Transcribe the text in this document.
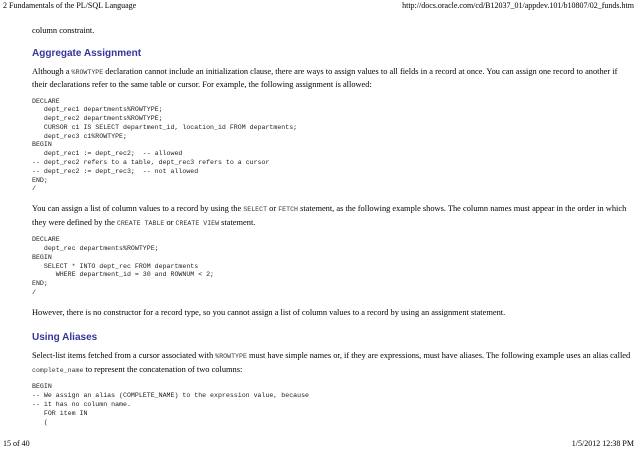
2 Fundamentals of the PL/SQL Language	http://docs.oracle.com/cd/B12037_01/appdev.101/b10807/02_funds.htm

column constraint.

Aggregate Assignment

Although a %ROWTYPE declaration cannot include an initialization clause, there are ways to assign values to all fields in a record at once. You can assign one record to another if their declarations refer to the same table or cursor. For example, the following assignment is allowed:

DECLARE
dept_rec1 departments%ROWTYPE;
dept_rec2 departments%ROWTYPE;
CURSOR c1 IS SELECT department_id, location_id FROM departments;
dept_rec3 c1%ROWTYPE;
BEGIN
dept_rec1 := dept_rec2;  -- allowed
-- dept_rec2 refers to a table, dept_rec3 refers to a cursor
-- dept_rec2 := dept_rec3;  -- not allowed
END;
/

You can assign a list of column values to a record by using the SELECT or FETCH statement, as the following example shows. The column names must appear in the order in which they were defined by the CREATE TABLE or CREATE VIEW statement.

DECLARE
dept_rec departments%ROWTYPE;
BEGIN
SELECT * INTO dept_rec FROM departments
WHERE department_id = 30 and ROWNUM < 2;
END;
/

However, there is no constructor for a record type, so you cannot assign a list of column values to a record by using an assignment statement.

Using Aliases

Select-list items fetched from a cursor associated with %ROWTYPE must have simple names or, if they are expressions, must have aliases. The following example uses an alias called complete_name to represent the concatenation of two columns:

BEGIN
-- We assign an alias (COMPLETE_NAME) to the expression value, because
-- it has no column name.
FOR item IN
(
15 of 40	1/5/2012 12:38 PM
